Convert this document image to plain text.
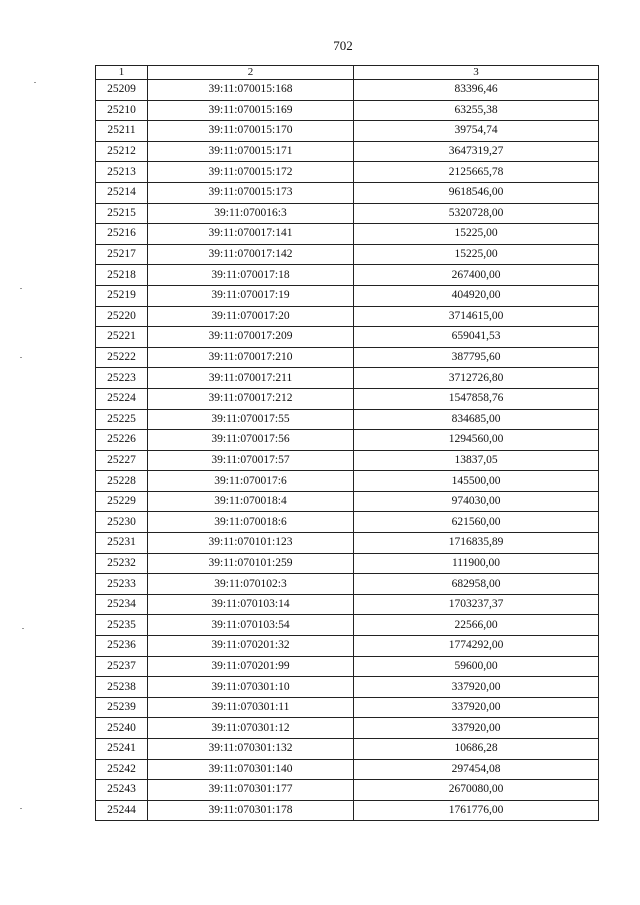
702
1	2	3
25209	39:11:070015:168	83396,46
25210	39:11:070015:169	63255,38
25211	39:11:070015:170	39754,74
25212	39:11:070015:171	3647319,27
25213	39:11:070015:172	2125665,78
25214	39:11:070015:173	9618546,00
25215	39:11:070016:3	5320728,00
25216	39:11:070017:141	15225,00
25217	39:11:070017:142	15225,00
25218	39:11:070017:18	267400,00
25219	39:11:070017:19	404920,00
25220	39:11:070017:20	3714615,00
25221	39:11:070017:209	659041,53
25222	39:11:070017:210	387795,60
25223	39:11:070017:211	3712726,80
25224	39:11:070017:212	1547858,76
25225	39:11:070017:55	834685,00
25226	39:11:070017:56	1294560,00
25227	39:11:070017:57	13837,05
25228	39:11:070017:6	145500,00
25229	39:11:070018:4	974030,00
25230	39:11:070018:6	621560,00
25231	39:11:070101:123	1716835,89
25232	39:11:070101:259	111900,00
25233	39:11:070102:3	682958,00
25234	39:11:070103:14	1703237,37
25235	39:11:070103:54	22566,00
25236	39:11:070201:32	1774292,00
25237	39:11:070201:99	59600,00
25238	39:11:070301:10	337920,00
25239	39:11:070301:11	337920,00
25240	39:11:070301:12	337920,00
25241	39:11:070301:132	10686,28
25242	39:11:070301:140	297454,08
25243	39:11:070301:177	2670080,00
25244	39:11:070301:178	1761776,00
